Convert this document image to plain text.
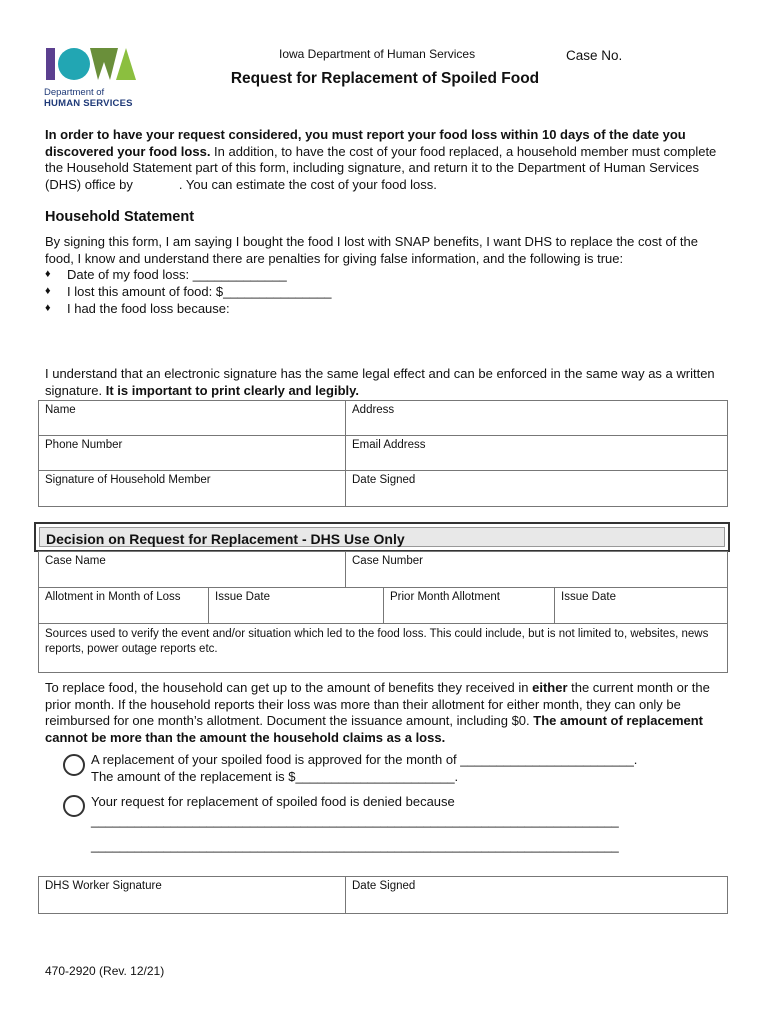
Department of
HUMAN SERVICES
Iowa Department of Human Services	Case No.
Request for Replacement of Spoiled Food
In order to have your request considered, you must report your food loss within 10 days of the date you discovered your food loss. In addition, to have the cost of your food replaced, a household member must complete the Household Statement part of this form, including signature, and return it to the Department of Human Services (DHS) office by	. You can estimate the cost of your food loss.
Household Statement
By signing this form, I am saying I bought the food I lost with SNAP benefits, I want DHS to replace the cost of the food, I know and understand there are penalties for giving false information, and the following is true:
♦	Date of my food loss: _____________
♦	I lost this amount of food: $_______________
♦	I had the food loss because:
I understand that an electronic signature has the same legal effect and can be enforced in the same way as a written signature. It is important to print clearly and legibly.
Name	Address
Phone Number	Email Address
Signature of Household Member	Date Signed
Decision on Request for Replacement - DHS Use Only
Case Name	Case Number
Allotment in Month of Loss	Issue Date	Prior Month Allotment	Issue Date
Sources used to verify the event and/or situation which led to the food loss. This could include, but is not limited to, websites, news reports, power outage reports etc.
To replace food, the household can get up to the amount of benefits they received in either the current month or the prior month. If the household reports their loss was more than their allotment for either month, they can only be reimbursed for one month’s allotment. Document the issuance amount, including $0. The amount of replacement cannot be more than the amount the household claims as a loss.
A replacement of your spoiled food is approved for the month of ________________________.
The amount of the replacement is $______________________.
Your request for replacement of spoiled food is denied because
_________________________________________________________________________
_________________________________________________________________________
DHS Worker Signature	Date Signed
470-2920 (Rev. 12/21)
